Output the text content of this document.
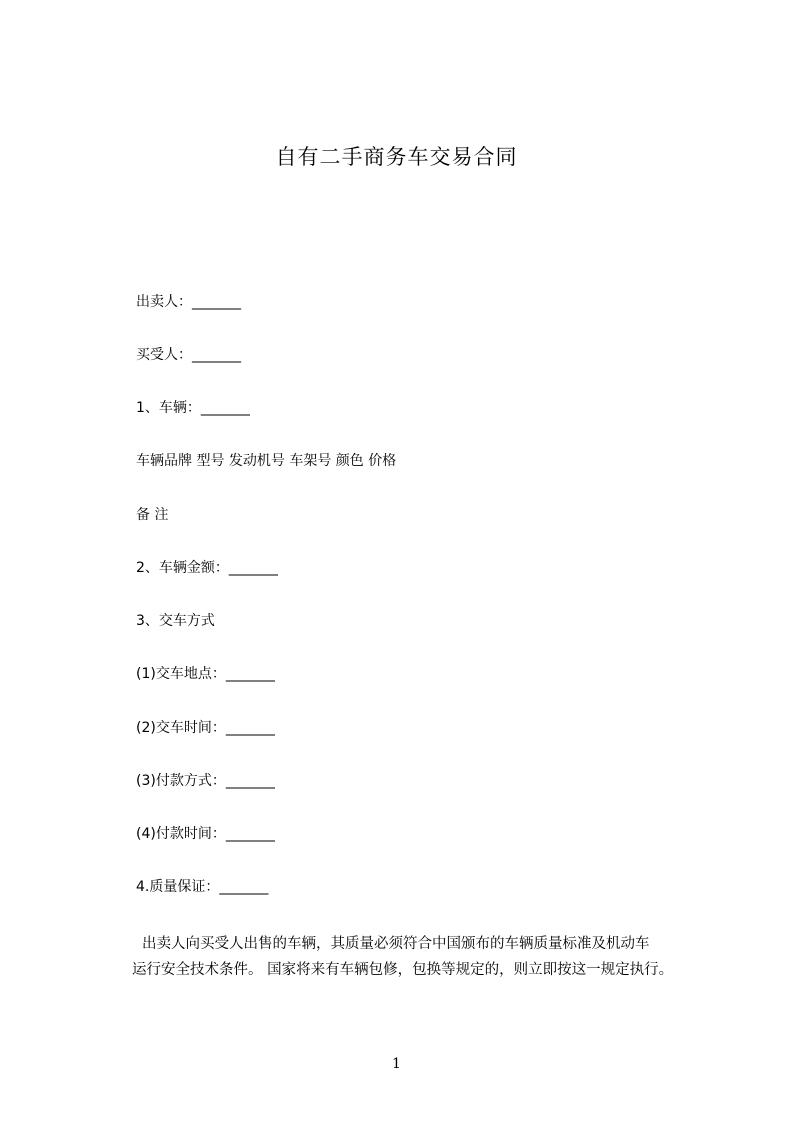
自有二手商务车交易合同
出卖人：_______
买受人：_______
1、车辆：_______
车辆品牌 型号 发动机号 车架号 颜色 价格
备 注
2、车辆金额：_______
3、交车方式
(1)交车地点：_______
(2)交车时间：_______
(3)付款方式：_______
(4)付款时间：_______
4.质量保证：_______
出卖人向买受人出售的车辆，其质量必须符合中国颁布的车辆质量标准及机动车
运行安全技术条件。 国家将来有车辆包修，包换等规定的，则立即按这一规定执行。
1
